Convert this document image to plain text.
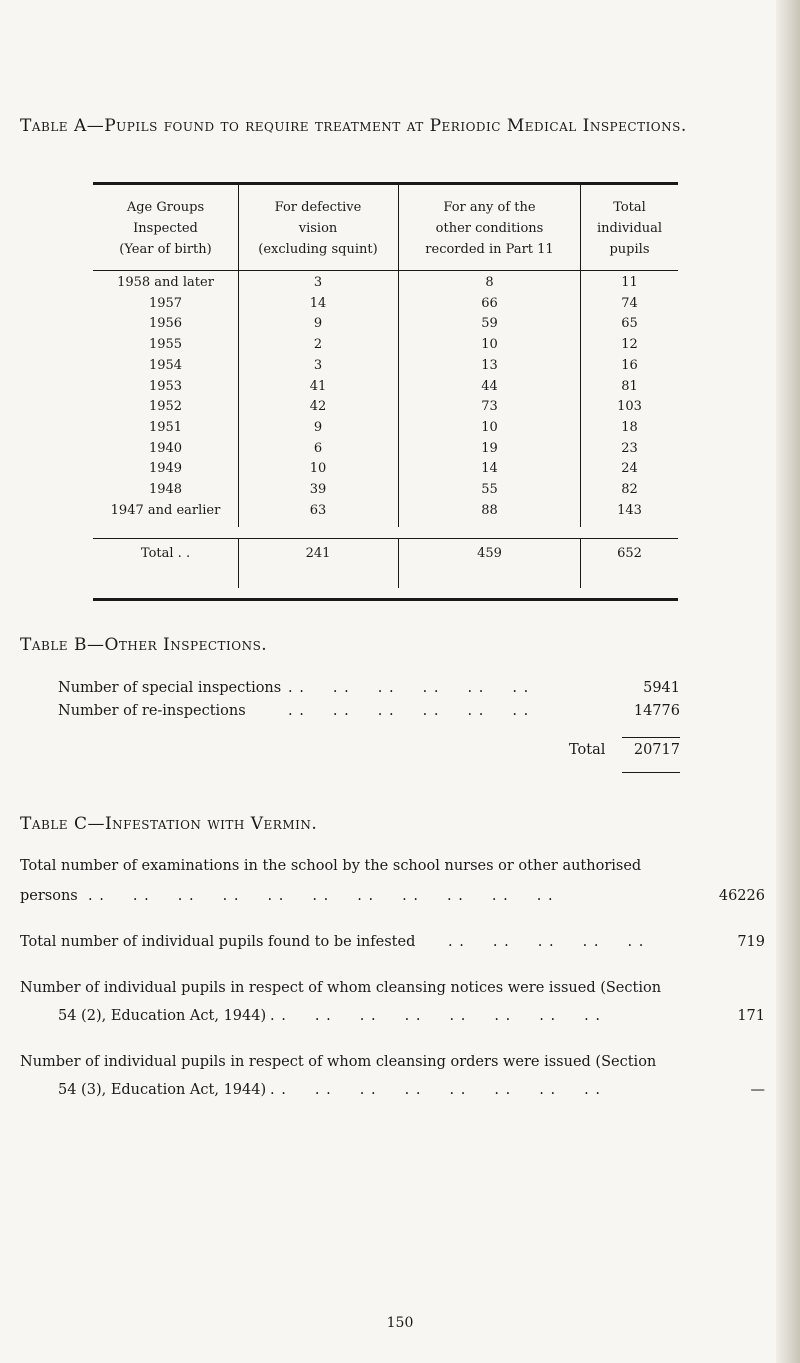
Table A—Pupils found to require treatment at Periodic Medical Inspections.
Age Groups
Inspected
(Year of birth)
For defective
vision
(excluding squint)
For any of the
other conditions
recorded in Part 11
Total
individual
pupils
1958 and later	3	8	11
1957	14	66	74
1956	9	59	65
1955	2	10	12
1954	3	13	16
1953	41	44	81
1952	42	73	103
1951	9	10	18
1940	6	19	23
1949	10	14	24
1948	39	55	82
1947 and earlier	63	88	143
Total . .	241	459	652
Table B—Other Inspections.
Number of special inspections . .     . .     . .     . .     . .     . .	5941
Number of re-inspections	. .     . .     . .     . .     . .     . .	14776
Total	20717
Table C—Infestation with Vermin.
Total number of examinations in the school by the school nurses or other authorised
persons . .     . .     . .     . .     . .     . .     . .     . .     . .     . .     . .	46226
Total number of individual pupils found to be infested . .     . .     . .     . .     . .	719
Number of individual pupils in respect of whom cleansing notices were issued (Section
54 (2), Education Act, 1944) . .     . .     . .     . .     . .     . .     . .     . .	171
Number of individual pupils in respect of whom cleansing orders were issued (Section
54 (3), Education Act, 1944) . .     . .     . .     . .     . .     . .     . .     . .	—
150
